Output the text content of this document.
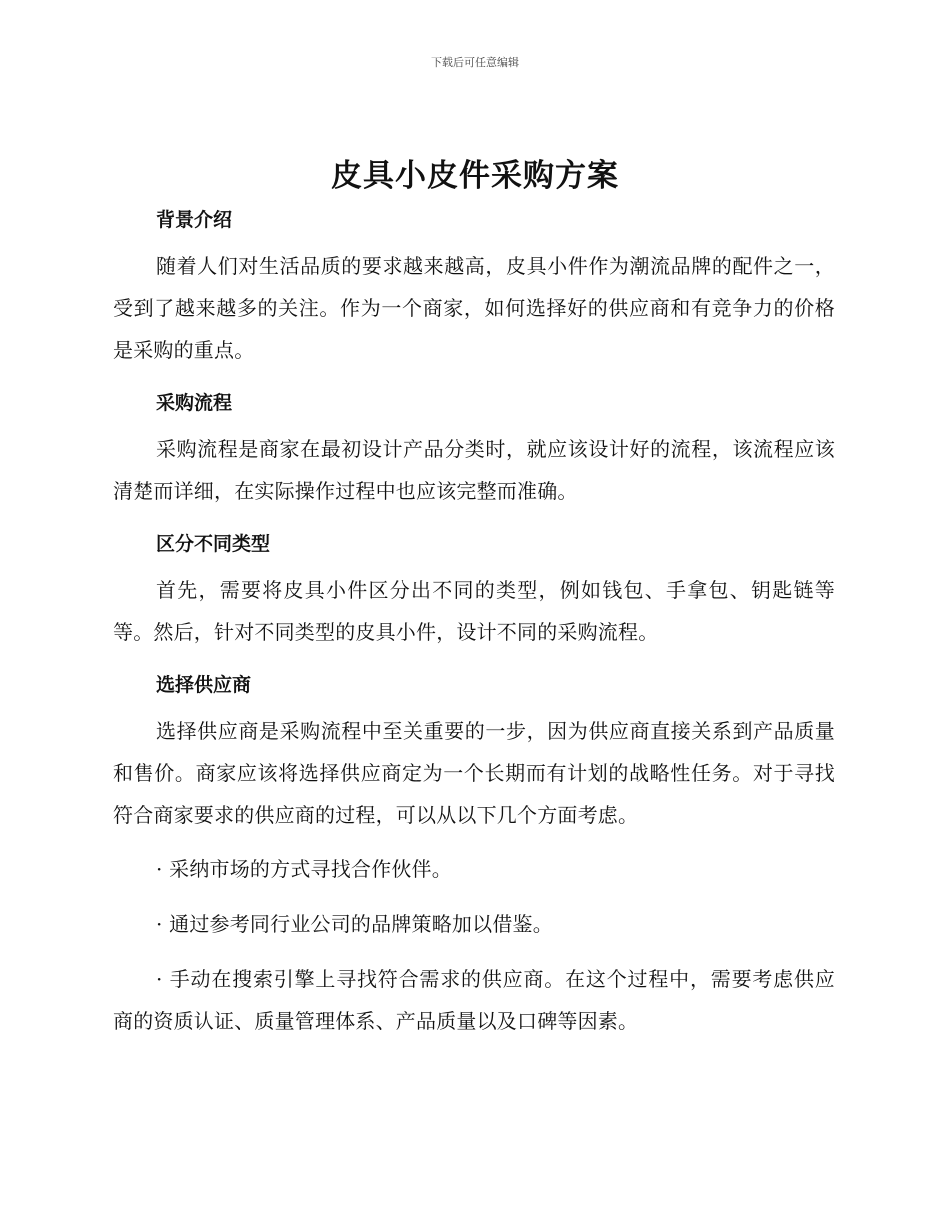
下载后可任意编辑
皮具小皮件采购方案
背景介绍

随着人们对生活品质的要求越来越高，皮具小件作为潮流品牌的配件之一，受到了越来越多的关注。作为一个商家，如何选择好的供应商和有竞争力的价格是采购的重点。

采购流程

采购流程是商家在最初设计产品分类时，就应该设计好的流程，该流程应该清楚而详细，在实际操作过程中也应该完整而准确。

区分不同类型

首先，需要将皮具小件区分出不同的类型，例如钱包、手拿包、钥匙链等等。然后，针对不同类型的皮具小件，设计不同的采购流程。

选择供应商

选择供应商是采购流程中至关重要的一步，因为供应商直接关系到产品质量和售价。商家应该将选择供应商定为一个长期而有计划的战略性任务。对于寻找符合商家要求的供应商的过程，可以从以下几个方面考虑。

· 采纳市场的方式寻找合作伙伴。

· 通过参考同行业公司的品牌策略加以借鉴。

· 手动在搜索引擎上寻找符合需求的供应商。在这个过程中，需要考虑供应商的资质认证、质量管理体系、产品质量以及口碑等因素。
